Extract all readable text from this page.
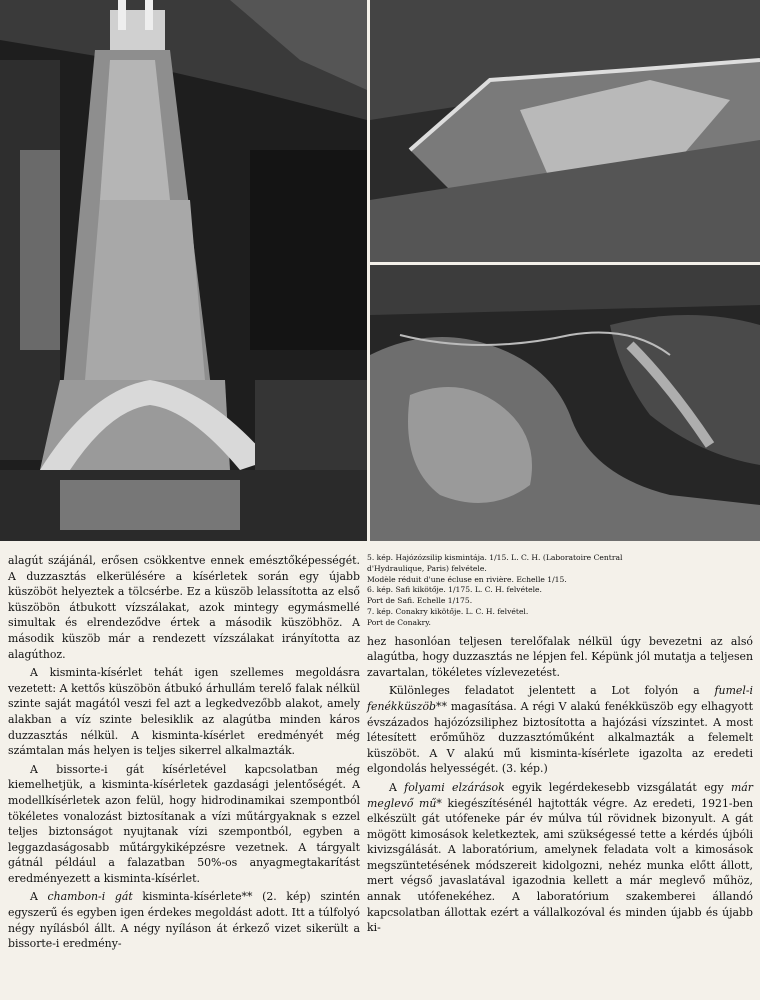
alagút szájánál, erősen csökkentve ennek emésztőképességét. A duzzasztás elkerülésére a kísérletek során egy újabb küszöböt helyeztek a tölcsérbe. Ez a küszöb lelassította az első küszöbön átbukott vízszálakat, azok mintegy egymásmellé simultak és elrendeződve értek a második küszöbhöz. A második küszöb már a rendezett vízszálakat irányította az alagúthoz.

A kisminta-kísérlet tehát igen szellemes megoldásra vezetett: A kettős küszöbön átbukó árhullám terelő falak nélkül szinte saját magától veszi fel azt a legkedvezőbb alakot, amely alakban a víz szinte belesiklik az alagútba minden káros duzzasztás nélkül. A kisminta-kísérlet eredményét még számtalan más helyen is teljes sikerrel alkalmazták.

A bissorte-i gát kísérletével kapcsolatban még kiemelhetjük, a kisminta-kísérletek gazdasági jelentőségét. A modellkísérletek azon felül, hogy hidrodinamikai szempontból tökéletes vonalozást biztosítanak a vízi műtárgyaknak s ezzel teljes biztonságot nyujtanak vízi szempontból, egyben a leggazdaságosabb műtárgykiképzésre vezetnek. A tárgyalt gátnál például a falazatban 50%-os anyagmegtakarítást eredményezett a kisminta-kísérlet.

A chambon-i gát kisminta-kísérlete** (2. kép) szintén egyszerű és egyben igen érdekes megoldást adott. Itt a túlfolyó négy nyílásból állt. A négy nyíláson át érkező vizet sikerült a bissorte-i eredmény-

5. kép. Hajózózsilip kismintája. 1/15. L. C. H. (Laboratoire Central
d'Hydraulique, Paris) felvétele.
Modèle réduit d'une écluse en rivière. Echelle 1/15.
6. kép. Safi kikötője. 1/175. L. C. H. felvétele.
Port de Safi. Echelle 1/175.
7. kép. Conakry kikötője. L. C. H. felvétel.
Port de Conakry.

hez hasonlóan teljesen terelőfalak nélkül úgy bevezetni az alsó alagútba, hogy duzzasztás ne lépjen fel. Képünk jól mutatja a teljesen zavartalan, tökéletes vízlevezetést.

Különleges feladatot jelentett a Lot folyón a fumel-i fenékküszöb** magasítása. A régi V alakú fenékküszöb egy elhagyott évszázados hajózózsiliphez biztosította a hajózási vízszintet. A most létesített erőműhöz duzzasztóműként alkalmazták a felemelt küszöböt. A V alakú mű kisminta-kísérlete igazolta az eredeti elgondolás helyességét. (3. kép.)

A folyami elzárások egyik legérdekesebb vizsgálatát egy már meglevő mű* kiegészítésénél hajtották végre. Az eredeti, 1921-ben elkészült gát utófeneke pár év múlva túl rövidnek bizonyult. A gát mögött kimosások keletkeztek, ami szükségessé tette a kérdés újbóli kivizsgálását. A laboratórium, amelynek feladata volt a kimosások megszüntetésének módszereit kidolgozni, nehéz munka előtt állott, mert végső javaslatával igazodnia kellett a már meglevő műhöz, annak utófenekéhez. A laboratórium szakemberei állandó kapcsolatban állottak ezért a vállalkozóval és minden újabb és újabb ki-
